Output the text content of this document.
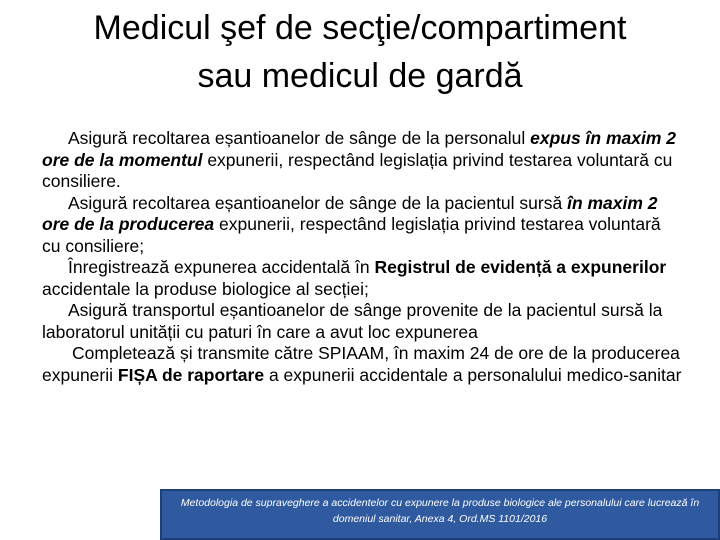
Medicul şef de secţie/compartiment
sau medicul de gardă

Asigură recoltarea eșantioanelor de sânge de la personalul expus în maxim 2 ore de la momentul expunerii, respectând legislația privind testarea voluntară cu consiliere.

Asigură recoltarea eșantioanelor de sânge de la pacientul sursă în maxim 2 ore de la producerea expunerii, respectând legislația privind testarea voluntară cu consiliere;

Înregistrează expunerea accidentală în Registrul de evidență a expunerilor accidentale la produse biologice al secției;

Asigură transportul eșantioanelor de sânge provenite de la pacientul sursă la laboratorul unității cu paturi în care a avut loc expunerea

Completează și transmite către SPIAAM, în maxim 24 de ore de la producerea expunerii FIȘA de raportare a expunerii accidentale a personalului medico-sanitar

Metodologia de supraveghere a accidentelor cu expunere la produse biologice ale personalului care lucrează în domeniul sanitar, Anexa 4, Ord.MS 1101/2016
